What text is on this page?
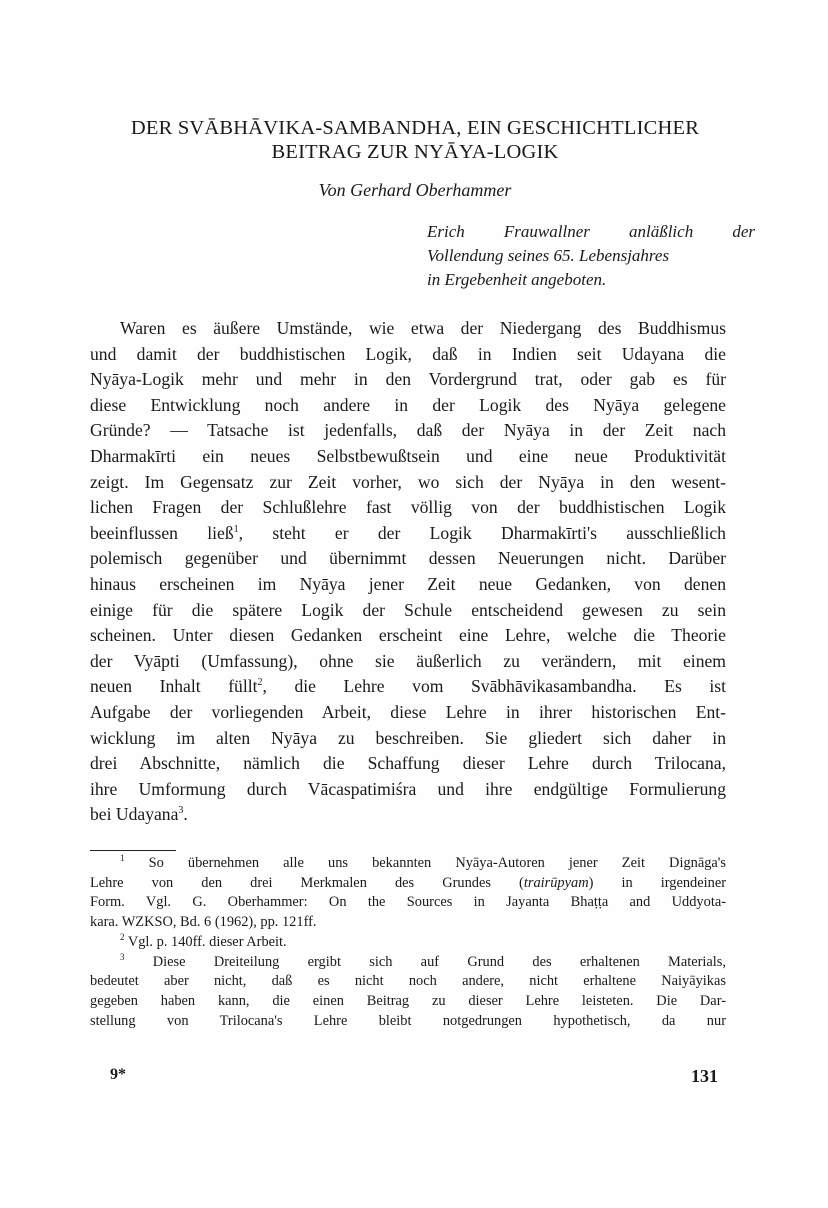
DER SVĀBHĀVIKA-SAMBANDHA, EIN GESCHICHTLICHER
BEITRAG ZUR NYĀYA-LOGIK
Von Gerhard Oberhammer
Erich Frauwallner anläßlich der
Vollendung seines 65. Lebensjahres
in Ergebenheit angeboten.
Waren es äußere Umstände, wie etwa der Niedergang des Buddhismus
und damit der buddhistischen Logik, daß in Indien seit Udayana die
Nyāya-Logik mehr und mehr in den Vordergrund trat, oder gab es für
diese Entwicklung noch andere in der Logik des Nyāya gelegene
Gründe? — Tatsache ist jedenfalls, daß der Nyāya in der Zeit nach
Dharmakīrti ein neues Selbstbewußtsein und eine neue Produktivität
zeigt. Im Gegensatz zur Zeit vorher, wo sich der Nyāya in den wesent-
lichen Fragen der Schlußlehre fast völlig von der buddhistischen Logik
beeinflussen ließ$^1$, steht er der Logik Dharmakīrti's ausschließlich
polemisch gegenüber und übernimmt dessen Neuerungen nicht. Darüber
hinaus erscheinen im Nyāya jener Zeit neue Gedanken, von denen
einige für die spätere Logik der Schule entscheidend gewesen zu sein
scheinen. Unter diesen Gedanken erscheint eine Lehre, welche die Theorie
der Vyāpti (Umfassung), ohne sie äußerlich zu verändern, mit einem
neuen Inhalt füllt$^2$, die Lehre vom Svābhāvikasambandha. Es ist
Aufgabe der vorliegenden Arbeit, diese Lehre in ihrer historischen Ent-
wicklung im alten Nyāya zu beschreiben. Sie gliedert sich daher in
drei Abschnitte, nämlich die Schaffung dieser Lehre durch Trilocana,
ihre Umformung durch Vācaspatimiśra und ihre endgültige Formulierung
bei Udayana$^3$.
$^1$ So übernehmen alle uns bekannten Nyāya-Autoren jener Zeit Dignāga's
Lehre von den drei Merkmalen des Grundes (trairūpyam) in irgendeiner
Form. Vgl. G. Oberhammer: On the Sources in Jayanta Bhaṭṭa and Uddyota-
kara. WZKSO, Bd. 6 (1962), pp. 121ff.
$^2$ Vgl. p. 140ff. dieser Arbeit.
$^3$ Diese Dreiteilung ergibt sich auf Grund des erhaltenen Materials,
bedeutet aber nicht, daß es nicht noch andere, nicht erhaltene Naiyāyikas
gegeben haben kann, die einen Beitrag zu dieser Lehre leisteten. Die Dar-
stellung von Trilocana's Lehre bleibt notgedrungen hypothetisch, da nur
9*	131
